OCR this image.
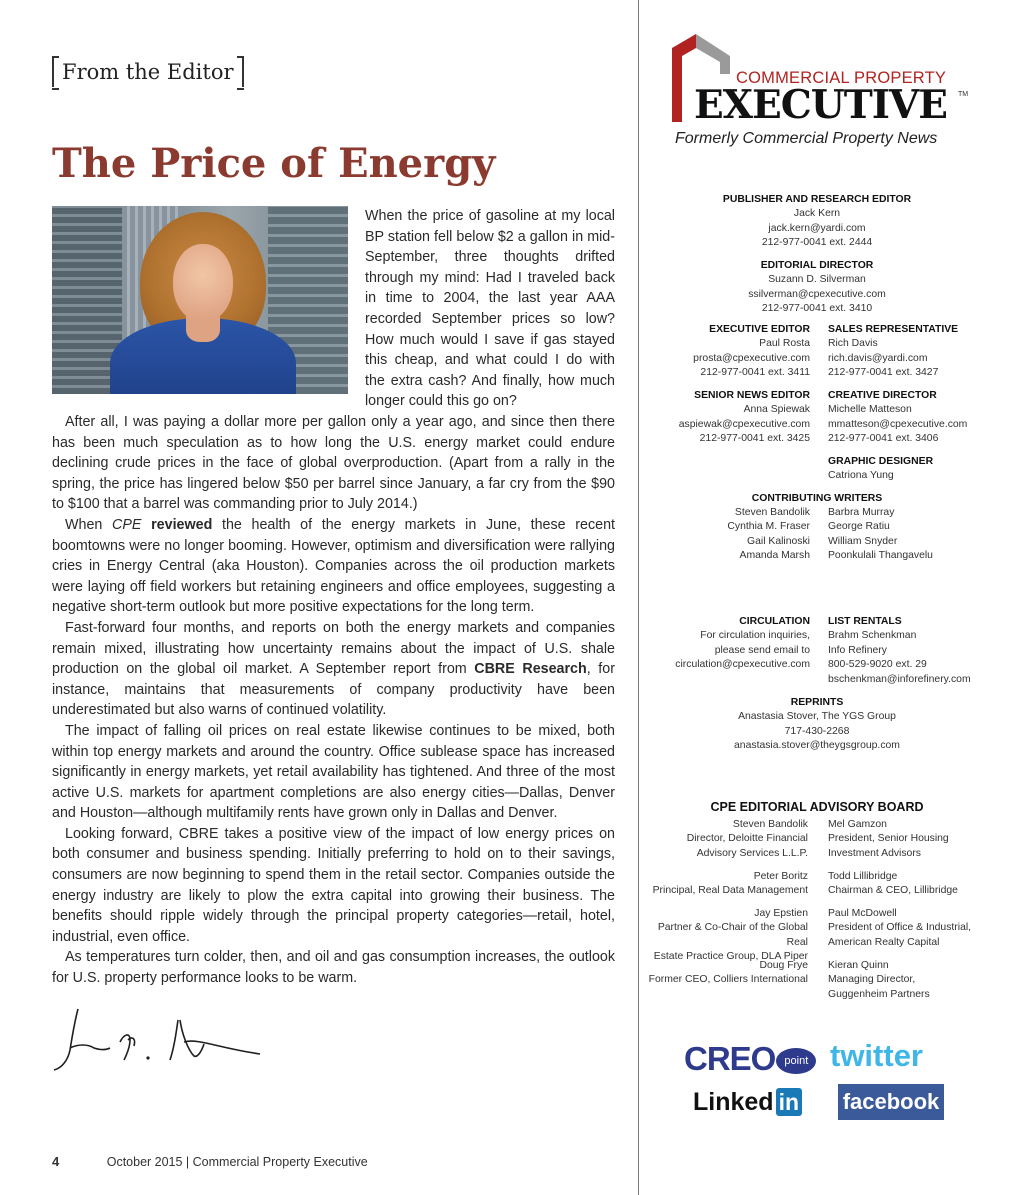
From the Editor
The Price of Energy

When the price of gasoline at my local BP station fell below $2 a gallon in mid-September, three thoughts drifted through my mind: Had I traveled back in time to 2004, the last year AAA recorded September prices so low? How much would I save if gas stayed this cheap, and what could I do with the extra cash? And finally, how much longer could this go on?

After all, I was paying a dollar more per gallon only a year ago, and since then there has been much speculation as to how long the U.S. energy market could endure declining crude prices in the face of global overproduction. (Apart from a rally in the spring, the price has lingered below $50 per barrel since January, a far cry from the $90 to $100 that a barrel was commanding prior to July 2014.)

When CPE reviewed the health of the energy markets in June, these recent boomtowns were no longer booming. However, optimism and diversification were rallying cries in Energy Central (aka Houston). Companies across the oil production markets were laying off field workers but retaining engineers and office employees, suggesting a negative short-term outlook but more positive expectations for the long term.

Fast-forward four months, and reports on both the energy markets and companies remain mixed, illustrating how uncertainty remains about the impact of U.S. shale production on the global oil market. A September report from CBRE Research, for instance, maintains that measurements of company productivity have been underestimated but also warns of continued volatility.

The impact of falling oil prices on real estate likewise continues to be mixed, both within top energy markets and around the country. Office sublease space has increased significantly in energy markets, yet retail availability has tightened. And three of the most active U.S. markets for apartment completions are also energy cities—Dallas, Denver and Houston—although multifamily rents have grown only in Dallas and Denver.

Looking forward, CBRE takes a positive view of the impact of low energy prices on both consumer and business spending. Initially preferring to hold on to their savings, consumers are now beginning to spend them in the retail sector. Companies outside the energy industry are likely to plow the extra capital into growing their business. The benefits should ripple widely through the principal property categories—retail, hotel, industrial, even office.

As temperatures turn colder, then, and oil and gas consumption increases, the outlook for U.S. property performance looks to be warm.

4	October 2015 | Commercial Property Executive
COMMERCIAL PROPERTY
EXECUTIVE TM
Formerly Commercial Property News
PUBLISHER AND RESEARCH EDITOR
Jack Kern
jack.kern@yardi.com
212-977-0041 ext. 2444
EDITORIAL DIRECTOR
Suzann D. Silverman
ssilverman@cpexecutive.com
212-977-0041 ext. 3410
EXECUTIVE EDITOR
Paul Rosta
prosta@cpexecutive.com
212-977-0041 ext. 3411
SALES REPRESENTATIVE
Rich Davis
rich.davis@yardi.com
212-977-0041 ext. 3427
SENIOR NEWS EDITOR
Anna Spiewak
aspiewak@cpexecutive.com
212-977-0041 ext. 3425
CREATIVE DIRECTOR
Michelle Matteson
mmatteson@cpexecutive.com
212-977-0041 ext. 3406
GRAPHIC DESIGNER
Catriona Yung
CONTRIBUTING WRITERS
Steven Bandolik
Cynthia M. Fraser
Gail Kalinoski
Amanda Marsh
Barbra Murray
George Ratiu
William Snyder
Poonkulali Thangavelu
CIRCULATION
For circulation inquiries,
please send email to
circulation@cpexecutive.com
LIST RENTALS
Brahm Schenkman
Info Refinery
800-529-9020 ext. 29
bschenkman@inforefinery.com
REPRINTS
Anastasia Stover, The YGS Group
717-430-2268
anastasia.stover@theygsgroup.com
CPE EDITORIAL ADVISORY BOARD
Steven Bandolik
Director, Deloitte Financial
Advisory Services L.L.P.
Mel Gamzon
President, Senior Housing
Investment Advisors
Peter Boritz
Principal, Real Data Management
Todd Lillibridge
Chairman & CEO, Lillibridge
Jay Epstien
Partner & Co-Chair of the Global Real
Estate Practice Group, DLA Piper
Paul McDowell
President of Office & Industrial,
American Realty Capital
Doug Frye
Former CEO, Colliers International
Kieran Quinn
Managing Director,
Guggenheim Partners
CREO point twitter
Linked in facebook
